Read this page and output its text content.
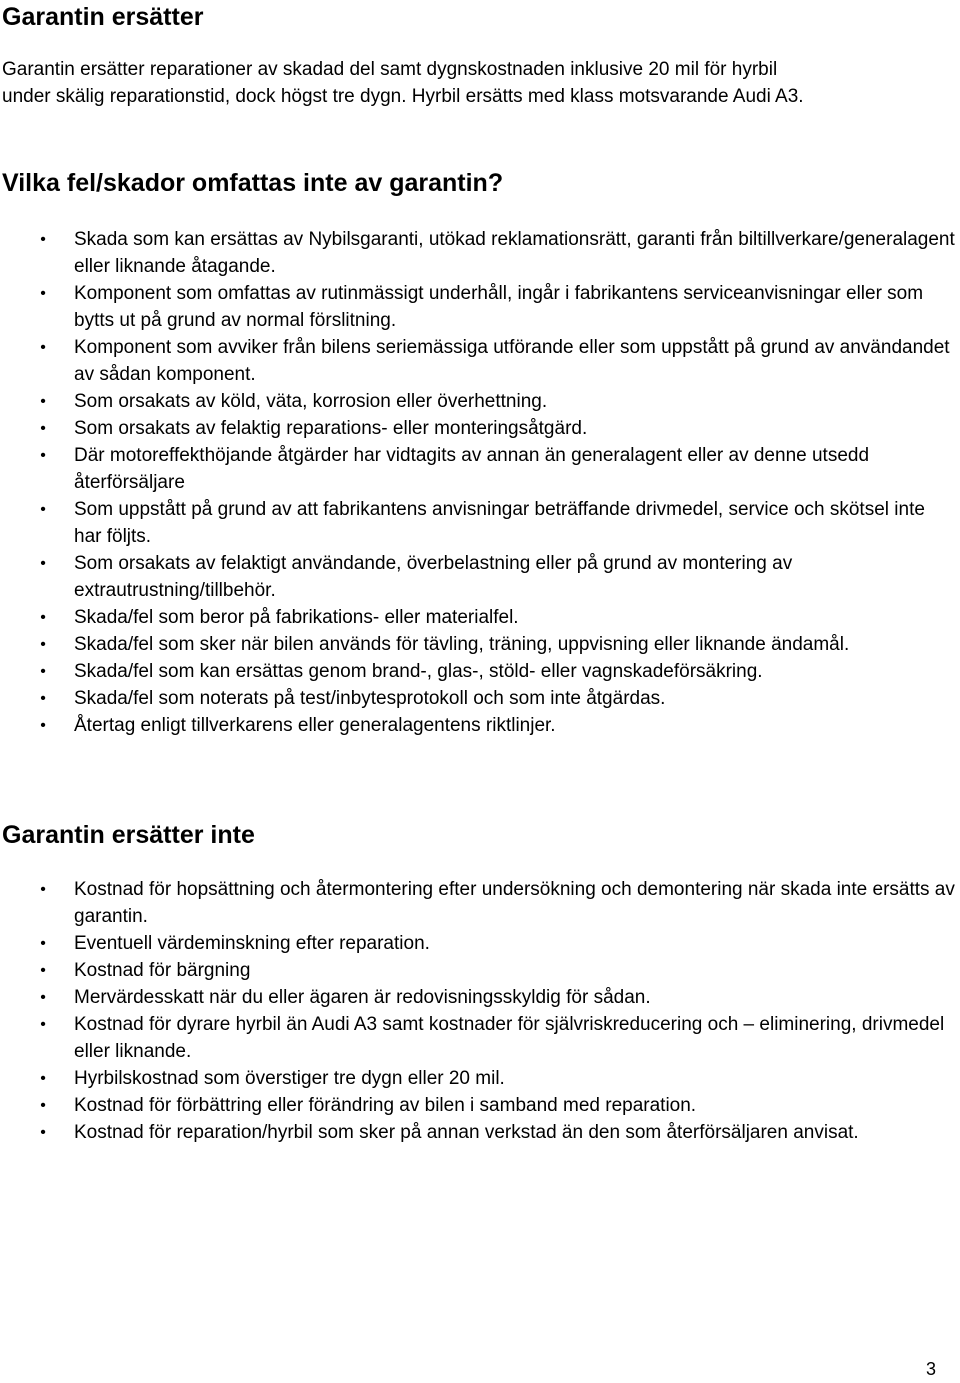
Garantin ersätter
Garantin ersätter reparationer av skadad del samt dygnskostnaden inklusive 20 mil för hyrbil
under skälig reparationstid, dock högst tre dygn. Hyrbil ersätts med klass motsvarande Audi A3.
Vilka fel/skador omfattas inte av garantin?
• Skada som kan ersättas av Nybilsgaranti, utökad reklamationsrätt, garanti från biltillverkare/generalagent eller liknande åtagande.
• Komponent som omfattas av rutinmässigt underhåll, ingår i fabrikantens serviceanvisningar eller som bytts ut på grund av normal förslitning.
• Komponent som avviker från bilens seriemässiga utförande eller som uppstått på grund av användandet av sådan komponent.
• Som orsakats av köld, väta, korrosion eller överhettning.
• Som orsakats av felaktig reparations- eller monteringsåtgärd.
• Där motoreffekthöjande åtgärder har vidtagits av annan än generalagent eller av denne utsedd återförsäljare
• Som uppstått på grund av att fabrikantens anvisningar beträffande drivmedel, service och skötsel inte har följts.
• Som orsakats av felaktigt användande, överbelastning eller på grund av montering av extrautrustning/tillbehör.
• Skada/fel som beror på fabrikations- eller materialfel.
• Skada/fel som sker när bilen används för tävling, träning, uppvisning eller liknande ändamål.
• Skada/fel som kan ersättas genom brand-, glas-, stöld- eller vagnskadeförsäkring.
• Skada/fel som noterats på test/inbytesprotokoll och som inte åtgärdas.
• Återtag enligt tillverkarens eller generalagentens riktlinjer.
Garantin ersätter inte
• Kostnad för hopsättning och återmontering efter undersökning och demontering när skada inte ersätts av garantin.
• Eventuell värdeminskning efter reparation.
• Kostnad för bärgning
• Mervärdesskatt när du eller ägaren är redovisningsskyldig för sådan.
• Kostnad för dyrare hyrbil än Audi A3 samt kostnader för självriskreducering och – eliminering, drivmedel eller liknande.
• Hyrbilskostnad som överstiger tre dygn eller 20 mil.
• Kostnad för förbättring eller förändring av bilen i samband med reparation.
• Kostnad för reparation/hyrbil som sker på annan verkstad än den som återförsäljaren anvisat.
3
